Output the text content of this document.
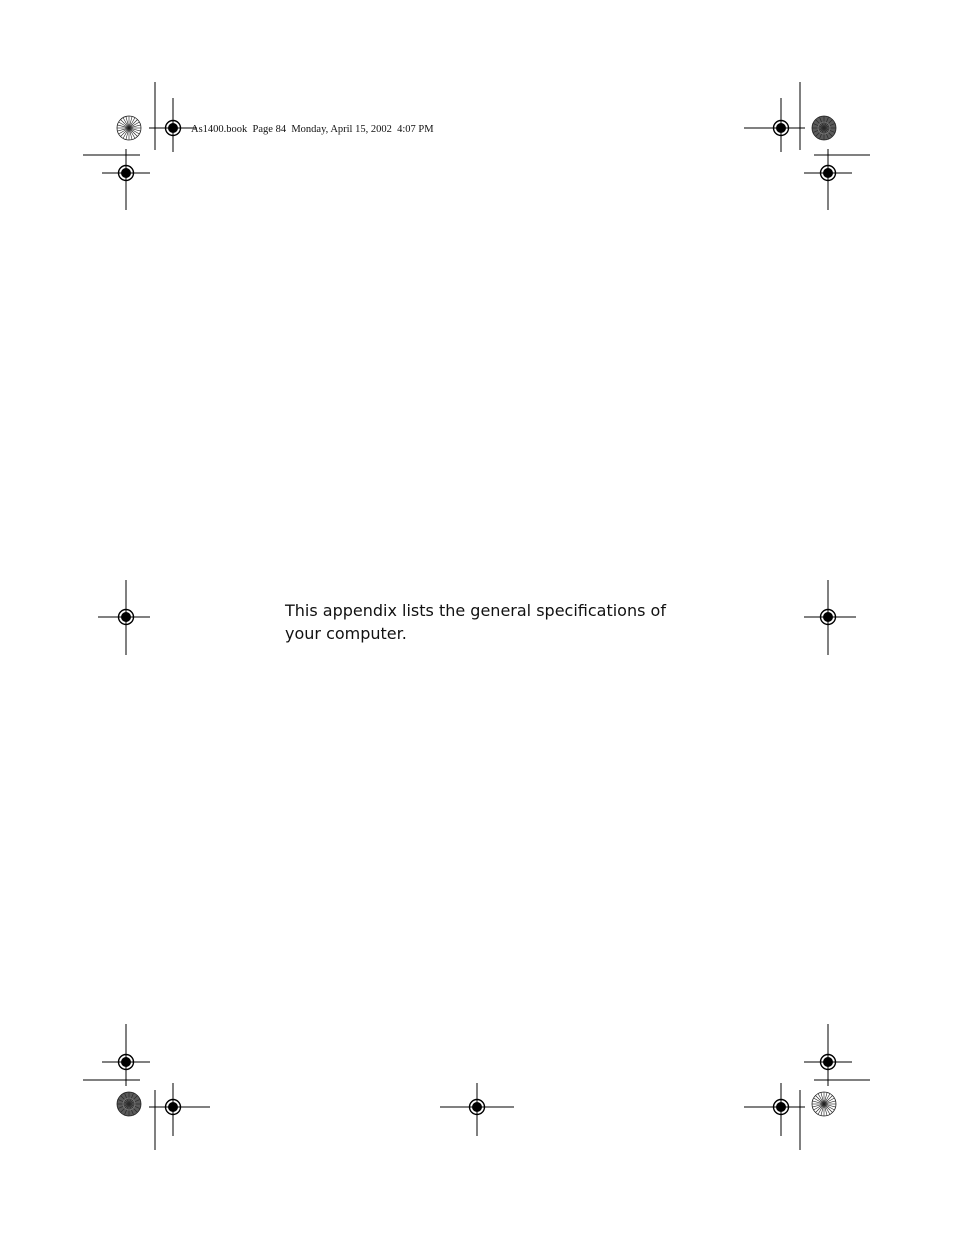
As1400.book  Page 84  Monday, April 15, 2002  4:07 PM
This appendix lists the general specifications of
your computer.
